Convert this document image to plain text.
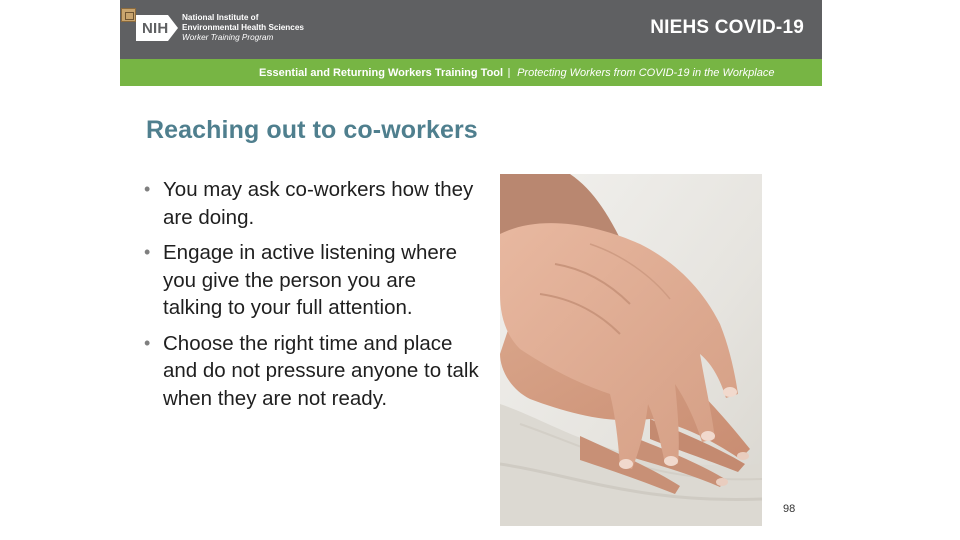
NIH
National Institute of
Environmental Health Sciences
Worker Training Program	NIEHS COVID-19
Essential and Returning Workers Training Tool Protecting Workers from COVID-19 in the Workplace
Reaching out to co-workers
• You may ask co-workers how they are doing.
• Engage in active listening where you give the person you are talking to your full attention.
• Choose the right time and place and do not pressure anyone to talk when they are not ready.
98
